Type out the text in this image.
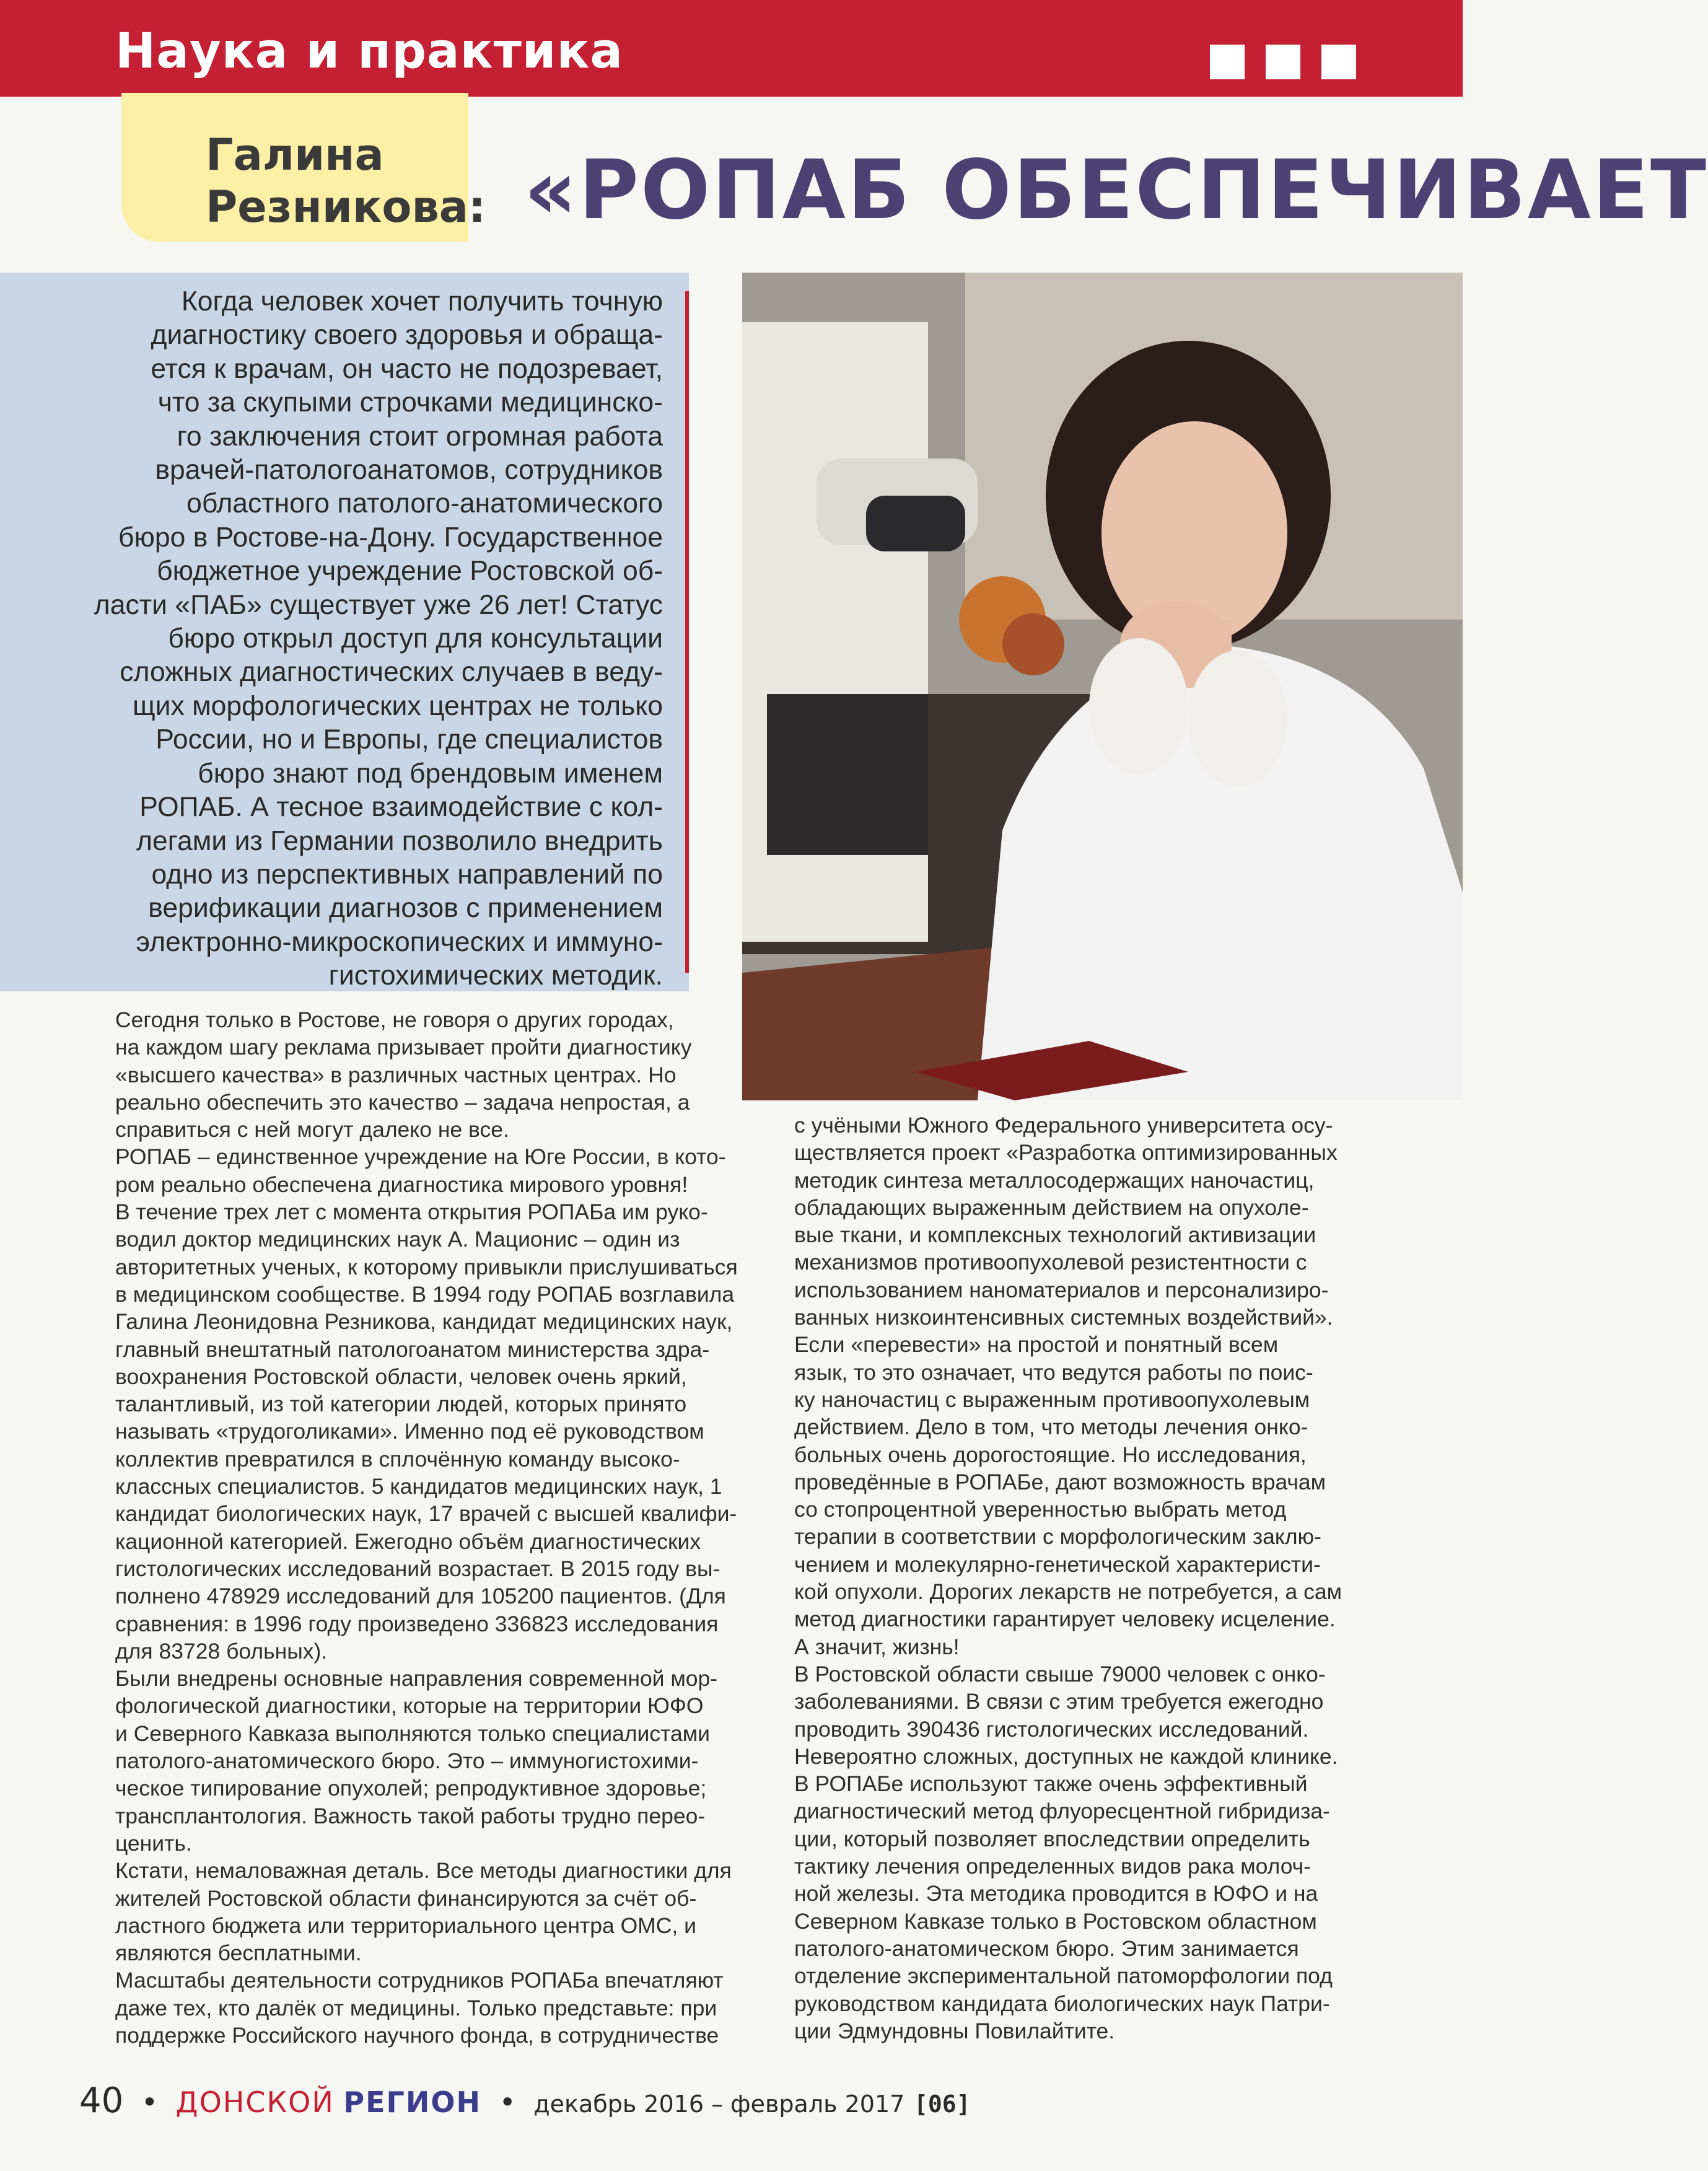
Наука и практика
Галина
Резникова: «РОПАБ ОБЕСПЕЧИВАЕТ
Когда человек хочет получить точную
диагностику своего здоровья и обраща-
ется к врачам, он часто не подозревает,
что за скупыми строчками медицинско-
го заключения стоит огромная работа
врачей-патологоанатомов, сотрудников
областного патолого-анатомического
бюро в Ростове-на-Дону. Государственное
бюджетное учреждение Ростовской об-
ласти «ПАБ» существует уже 26 лет! Статус
бюро открыл доступ для консультации
сложных диагностических случаев в веду-
щих морфологических центрах не только
России, но и Европы, где специалистов
бюро знают под брендовым именем
РОПАБ. А тесное взаимодействие с кол-
легами из Германии позволило внедрить
одно из перспективных направлений по
верификации диагнозов с применением
электронно-микроскопических и иммуно-
гистохимических методик.
Сегодня только в Ростове, не говоря о других городах,
на каждом шагу реклама призывает пройти диагностику
«высшего качества» в различных частных центрах. Но
реально обеспечить это качество – задача непростая, а
справиться с ней могут далеко не все.
РОПАБ – единственное учреждение на Юге России, в кото-
ром реально обеспечена диагностика мирового уровня!
В течение трех лет с момента открытия РОПАБа им руко-
водил доктор медицинских наук А. Мационис – один из
авторитетных ученых, к которому привыкли прислушиваться
в медицинском сообществе. В 1994 году РОПАБ возглавила
Галина Леонидовна Резникова, кандидат медицинских наук,
главный внештатный патологоанатом министерства здра-
воохранения Ростовской области, человек очень яркий,
талантливый, из той категории людей, которых принято
называть «трудоголиками». Именно под её руководством
коллектив превратился в сплочённую команду высоко-
классных специалистов. 5 кандидатов медицинских наук, 1
кандидат биологических наук, 17 врачей с высшей квалифи-
кационной категорией. Ежегодно объём диагностических
гистологических исследований возрастает. В 2015 году вы-
полнено 478929 исследований для 105200 пациентов. (Для
сравнения: в 1996 году произведено 336823 исследования
для 83728 больных).
Были внедрены основные направления современной мор-
фологической диагностики, которые на территории ЮФО
и Северного Кавказа выполняются только специалистами
патолого-анатомического бюро. Это – иммуногистохими-
ческое типирование опухолей; репродуктивное здоровье;
трансплантология. Важность такой работы трудно переo-
ценить.
Кстати, немаловажная деталь. Все методы диагностики для
жителей Ростовской области финансируются за счёт об-
ластного бюджета или территориального центра ОМС, и
являются бесплатными.
Масштабы деятельности сотрудников РОПАБа впечатляют
даже тех, кто далёк от медицины. Только представьте: при
поддержке Российского научного фонда, в сотрудничестве
с учёными Южного Федерального университета осу-
ществляется проект «Разработка оптимизированных
методик синтеза металлосодержащих наночастиц,
обладающих выраженным действием на опухоле-
вые ткани, и комплексных технологий активизации
механизмов противоопухолевой резистентности с
использованием наноматериалов и персонализиро-
ванных низкоинтенсивных системных воздействий».
Если «перевести» на простой и понятный всем
язык, то это означает, что ведутся работы по поис-
ку наночастиц с выраженным противоопухолевым
действием. Дело в том, что методы лечения онко-
больных очень дорогостоящие. Но исследования,
проведённые в РОПАБе, дают возможность врачам
со стопроцентной уверенностью выбрать метод
терапии в соответствии с морфологическим заклю-
чением и молекулярно-генетической характеристи-
кой опухоли. Дорогих лекарств не потребуется, а сам
метод диагностики гарантирует человеку исцеление.
А значит, жизнь!
В Ростовской области свыше 79000 человек с онко-
заболеваниями. В связи с этим требуется ежегодно
проводить 390436 гистологических исследований.
Невероятно сложных, доступных не каждой клинике.
В РОПАБе используют также очень эффективный
диагностический метод флуоресцентной гибридиза-
ции, который позволяет впоследствии определить
тактику лечения определенных видов рака молоч-
ной железы. Эта методика проводится в ЮФО и на
Северном Кавказе только в Ростовском областном
патолого-анатомическом бюро. Этим занимается
отделение экспериментальной патоморфологии под
руководством кандидата биологических наук Патри-
ции Эдмундовны Повилайтите.
40 • ДОНСКОЙ РЕГИОН • декабрь 2016 – февраль 2017 [06]
